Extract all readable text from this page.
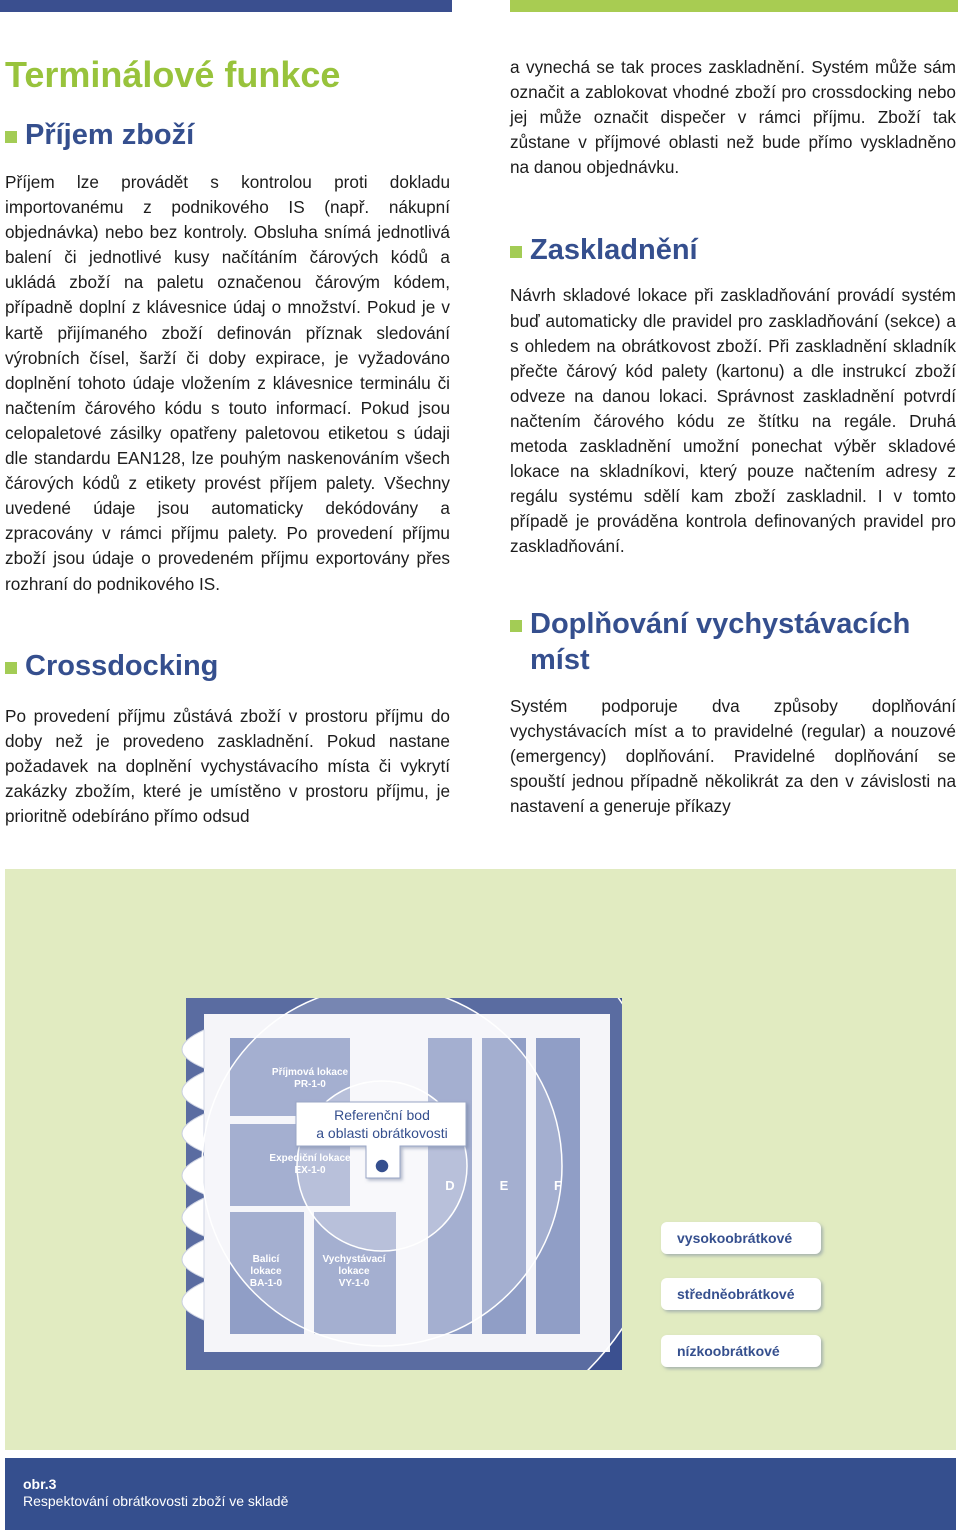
Terminálové funkce
Příjem zboží

Příjem lze provádět s kontrolou proti dokladu importovanému z podnikového IS (např. nákupní objednávka) nebo bez kontroly. Obsluha snímá jednotlivá balení či jednotlivé kusy načítáním čárových kódů a ukládá zboží na paletu označenou čárovým kódem, případně doplní z klávesnice údaj o množství. Pokud je v kartě přijímaného zboží definován příznak sledování výrobních čísel, šarží či doby expirace, je vyžadováno doplnění tohoto údaje vložením z klávesnice terminálu či načtením čárového kódu s touto informací. Pokud jsou celopaletové zásilky opatřeny paletovou etiketou s údaji dle standardu EAN128, lze pouhým naskenováním všech čárových kódů z etikety provést příjem palety. Všechny uvedené údaje jsou automaticky dekódovány a zpracovány v rámci příjmu palety. Po provedení příjmu zboží jsou údaje o provedeném příjmu exportovány přes rozhraní do podnikového IS.

Crossdocking

Po provedení příjmu zůstává zboží v prostoru příjmu do doby než je provedeno zaskladnění. Pokud nastane požadavek na doplnění vychystávacího místa či vykrytí zakázky zbožím, které je umístěno v prostoru příjmu, je prioritně odebíráno přímo odsud

a vynechá se tak proces zaskladnění. Systém může sám označit a zablokovat vhodné zboží pro crossdocking nebo jej může označit dispečer v rámci příjmu. Zboží tak zůstane v příjmové oblasti než bude přímo vyskladněno na danou objednávku.

Zaskladnění

Návrh skladové lokace při zaskladňování provádí systém buď automaticky dle pravidel pro zaskladňování (sekce) a s ohledem na obrátkovost zboží. Při zaskladnění skladník přečte čárový kód palety (kartonu) a dle instrukcí zboží odveze na danou lokaci. Správnost zaskladnění potvrdí načtením čárového kódu ze štítku na regále. Druhá metoda zaskladnění umožní ponechat výběr skladové lokace na skladníkovi, který pouze načtením adresy z regálu systému sdělí kam zboží zaskladnil. I v tomto případě je prováděna kontrola definovaných pravidel pro zaskladňování.

Doplňování vychystávacích míst

Systém podporuje dva způsoby doplňování vychystávacích míst a to pravidelné (regular) a nouzové (emergency) doplňování. Pravidelné doplňování se spouští jednou případně několikrát za den v závislosti na nastavení a generuje příkazy

Příjmová lokace
PR-1-0
Expediční lokace
EX-1-0
Balicí
lokace
BA-1-0
Vychystávací
lokace
VY-1-0
D	E	F
Referenční bod
a oblasti obrátkovosti
vysokoobrátkové
středněobrátkové
nízkoobrátkové
obr.3
Respektování obrátkovosti zboží ve skladě
